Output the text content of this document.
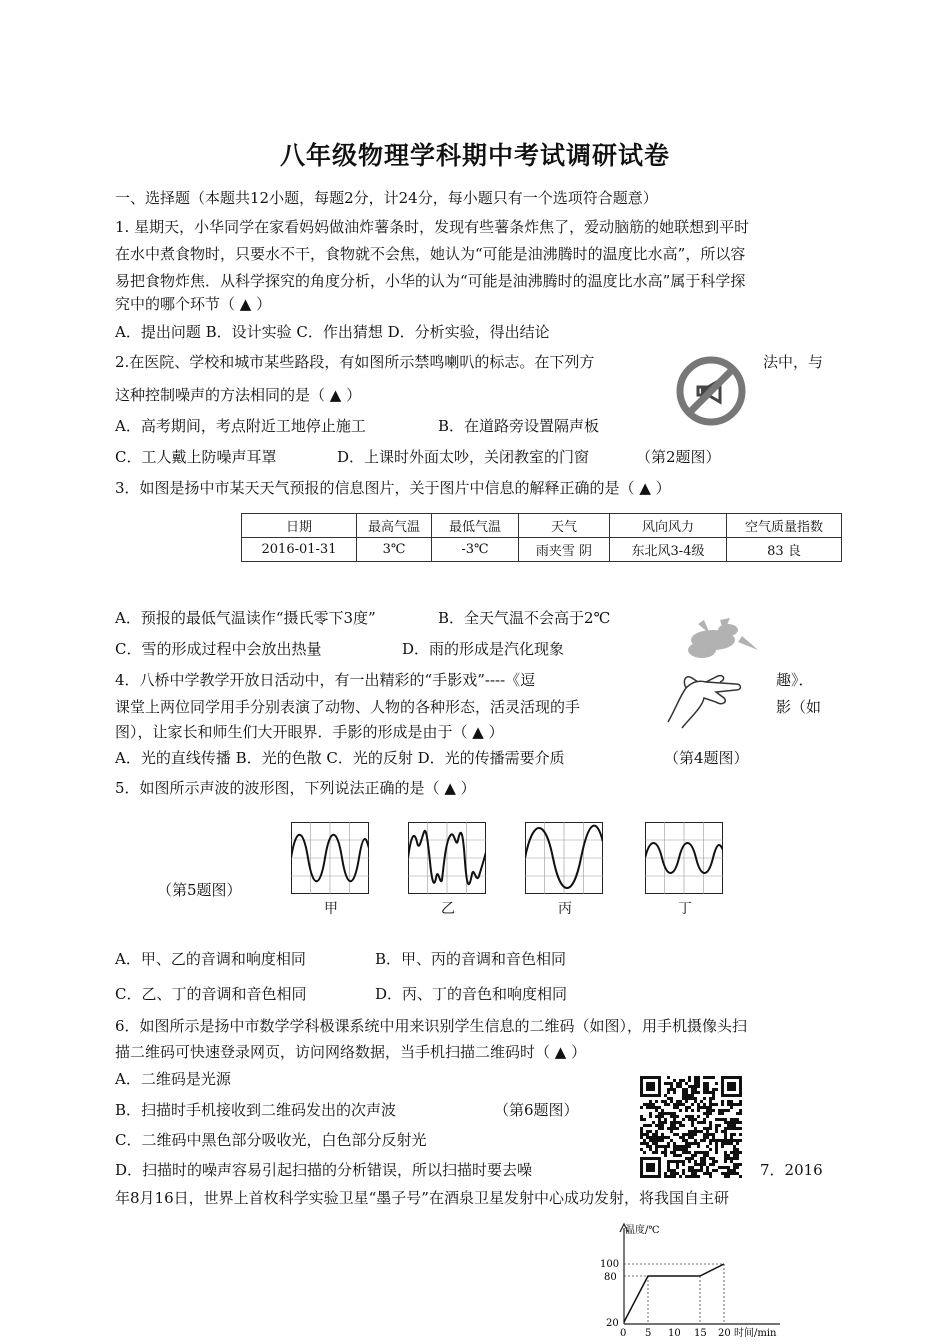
八年级物理学科期中考试调研试卷
一、选择题（本题共12小题，每题2分，计24分，每小题只有一个选项符合题意）
1. 星期天，小华同学在家看妈妈做油炸薯条时，发现有些薯条炸焦了，爱动脑筋的她联想到平时
在水中煮食物时，只要水不干，食物就不会焦，她认为“可能是油沸腾时的温度比水高”，所以容
易把食物炸焦．从科学探究的角度分析，小华的认为“可能是油沸腾时的温度比水高”属于科学探
究中的哪个环节（ ▲ ）
A．提出问题 B．设计实验 C．作出猜想 D．分析实验，得出结论
2.在医院、学校和城市某些路段，有如图所示禁鸣喇叭的标志。在下列方	法中，与
这种控制噪声的方法相同的是（ ▲ ）
A．高考期间，考点附近工地停止施工	B．在道路旁设置隔声板
C．工人戴上防噪声耳罩	D．上课时外面太吵，关闭教室的门窗	（第2题图）
3．如图是扬中市某天天气预报的信息图片，关于图片中信息的解释正确的是（ ▲ ）
日期	最高气温	最低气温	天气	风向风力	空气质量指数
2016-01-31	3℃	-3℃	雨夹雪 阴	东北风3-4级	83 良
A．预报的最低气温读作“摄氏零下3度”	B．全天气温不会高于2℃
C．雪的形成过程中会放出热量	D．雨的形成是汽化现象
4．八桥中学教学开放日活动中，有一出精彩的“手影戏”----《逗	趣》．
课堂上两位同学用手分别表演了动物、人物的各种形态，活灵活现的手	影（如
图），让家长和师生们大开眼界．手影的形成是由于（ ▲ ）
A．光的直线传播 B．光的色散 C．光的反射 D．光的传播需要介质	（第4题图）
5．如图所示声波的波形图，下列说法正确的是（ ▲ ）
（第5题图）
甲	乙	丙	丁
A．甲、乙的音调和响度相同	B．甲、丙的音调和音色相同
C．乙、丁的音调和音色相同	D．丙、丁的音色和响度相同
6．如图所示是扬中市数学学科极课系统中用来识别学生信息的二维码（如图），用手机摄像头扫
描二维码可快速登录网页，访问网络数据，当手机扫描二维码时（ ▲ ）
A．二维码是光源
B．扫描时手机接收到二维码发出的次声波	（第6题图）
C．二维码中黑色部分吸收光，白色部分反射光
D．扫描时的噪声容易引起扫描的分析错误，所以扫描时要去噪	7．2016
年8月16日，世界上首枚科学实验卫星“墨子号”在酒泉卫星发射中心成功发射，将我国自主研
温度/℃
100
80
20
0 5 10 15 20 时间/min
